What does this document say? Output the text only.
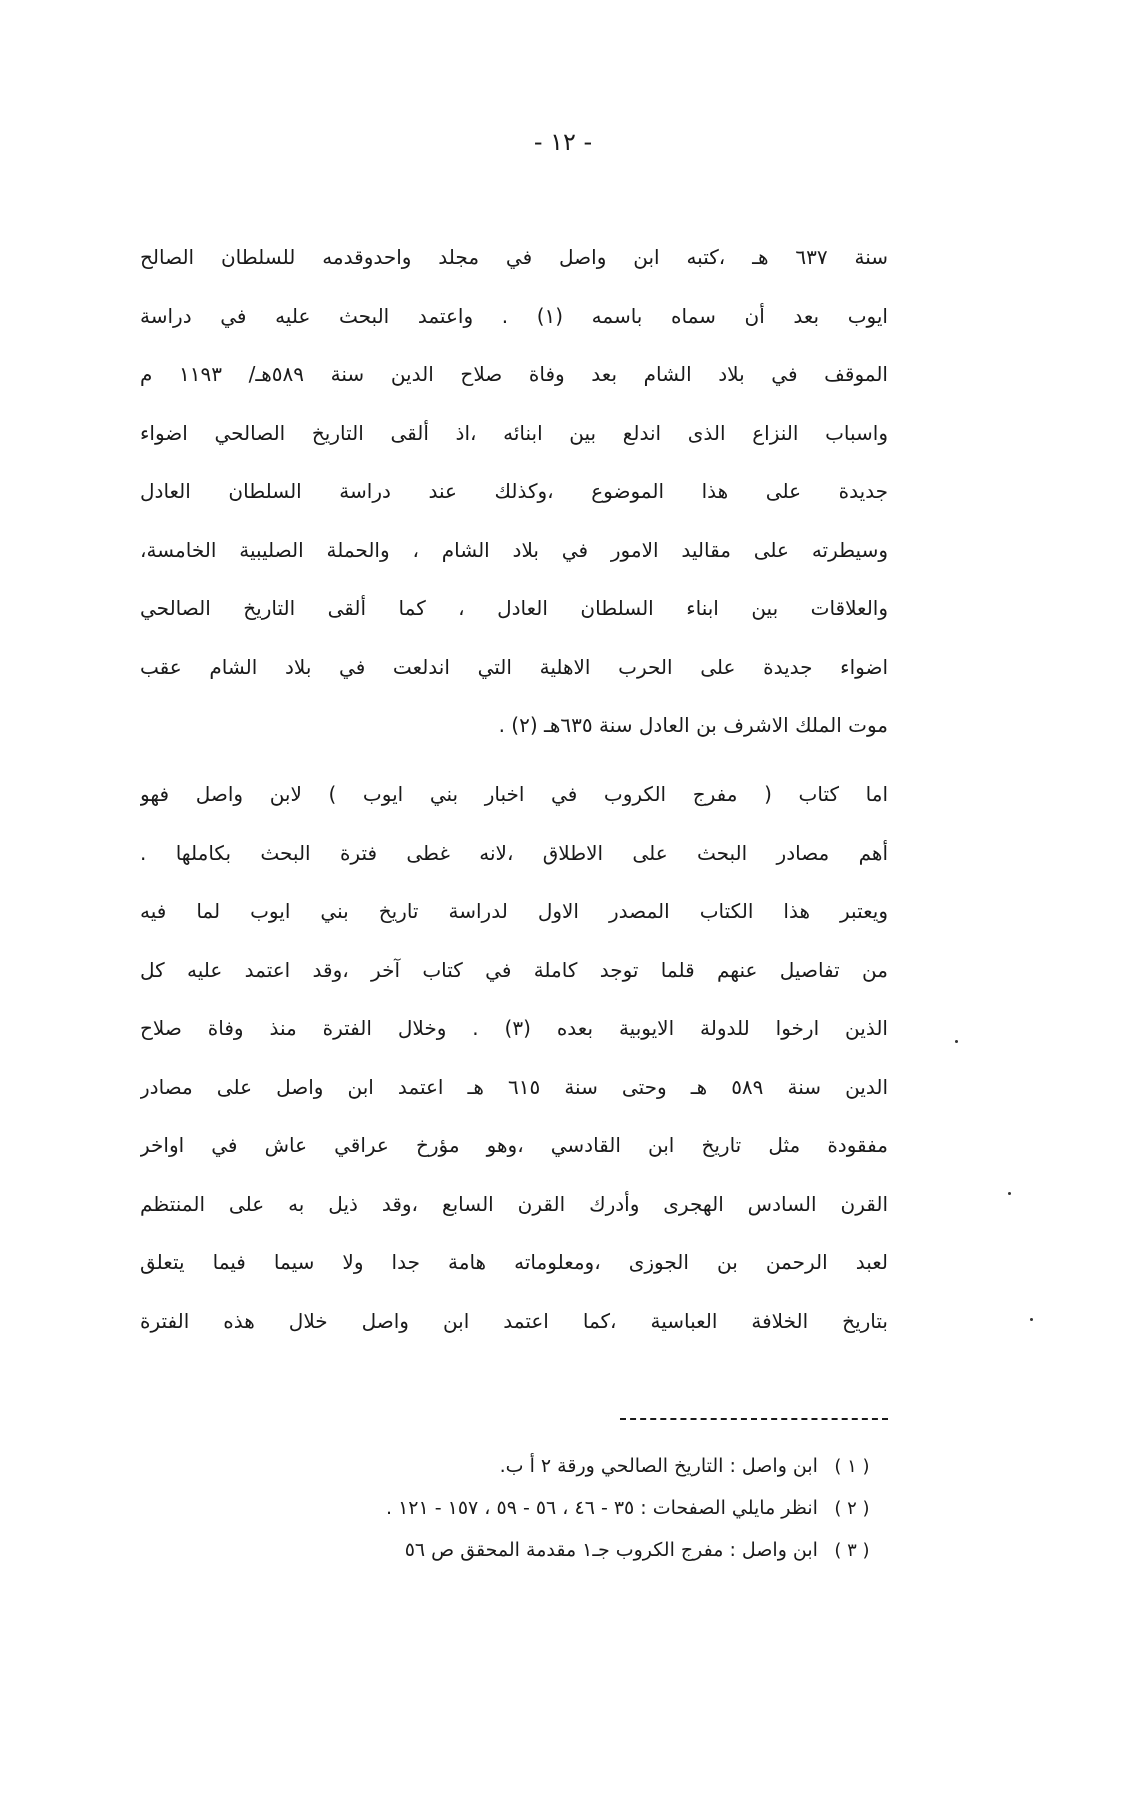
- ١٢ -
سنة ٦٣٧ هـ ،كتبه ابن واصل في مجلد واحدوقدمه للسلطان الصالح
ايوب بعد أن سماه باسمه (١) . واعتمد البحث عليه في دراسة
الموقف في بلاد الشام بعد وفاة صلاح الدين سنة ٥٨٩هـ/ ١١٩٣ م
واسباب النزاع الذى اندلع بين ابنائه ،اذ ألقى التاريخ الصالحي اضواء
جديدة على هذا الموضوع ،وكذلك عند دراسة السلطان العادل
وسيطرته على مقاليد الامور في بلاد الشام ، والحملة الصليبية الخامسة،
والعلاقات بين ابناء السلطان العادل ، كما ألقى التاريخ الصالحي
اضواء جديدة على الحرب الاهلية التي اندلعت في بلاد الشام عقب
موت الملك الاشرف بن العادل سنة ٦٣٥هـ (٢) .
اما كتاب ( مفرج الكروب في اخبار بني ايوب ) لابن واصل فهو
أهم مصادر البحث على الاطلاق ،لانه غطى فترة البحث بكاملها .
ويعتبر هذا الكتاب المصدر الاول لدراسة تاريخ بني ايوب لما فيه
من تفاصيل عنهم قلما توجد كاملة في كتاب آخر ،وقد اعتمد عليه كل
الذين ارخوا للدولة الايوبية بعده (٣) . وخلال الفترة منذ وفاة صلاح
الدين سنة ٥٨٩ هـ وحتى سنة ٦١٥ هـ اعتمد ابن واصل على مصادر
مفقودة مثل تاريخ ابن القادسي ،وهو مؤرخ عراقي عاش في اواخر
القرن السادس الهجرى وأدرك القرن السابع ،وقد ذيل به على المنتظم
لعبد الرحمن بن الجوزى ،ومعلوماته هامة جدا ولا سيما فيما يتعلق
بتاريخ الخلافة العباسية ،كما اعتمد ابن واصل خلال هذه الفترة
( ١ ) ابن واصل : التاريخ الصالحي ورقة ٢ أ ب.
( ٢ ) انظر مايلي الصفحات : ٣٥ - ٤٦ ، ٥٦ - ٥٩ ، ١٥٧ - ١٢١ .
( ٣ ) ابن واصل : مفرج الكروب جـ١ مقدمة المحقق ص ٥٦
